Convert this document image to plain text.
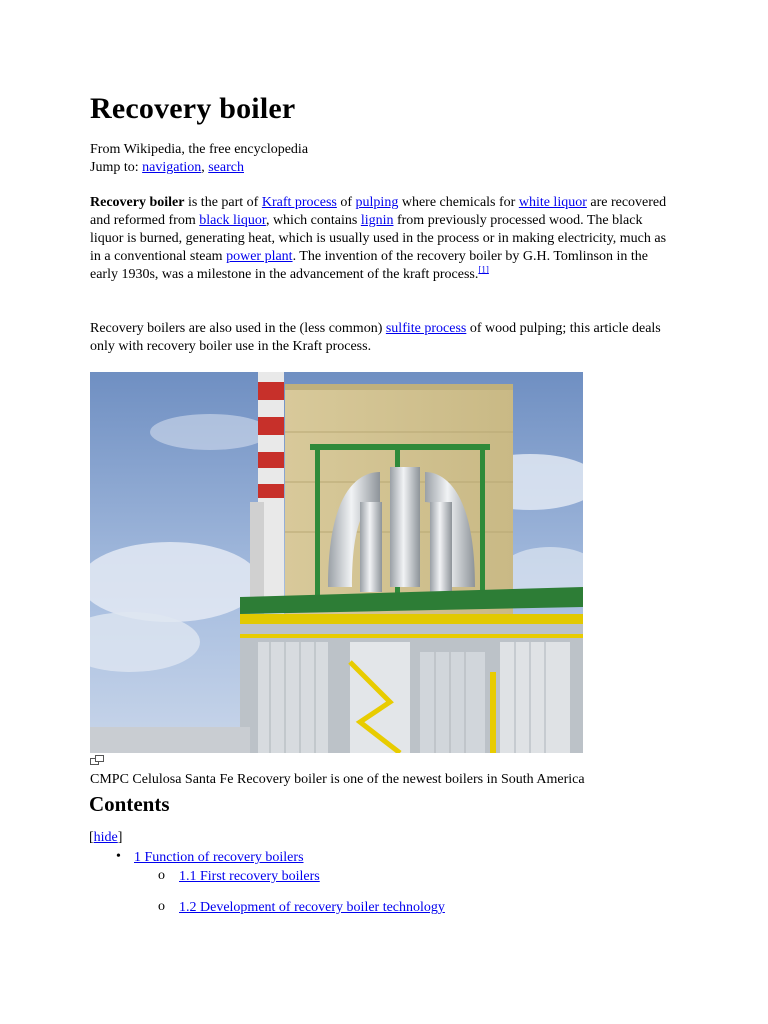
Recovery boiler
From Wikipedia, the free encyclopedia
Jump to: navigation, search
Recovery boiler is the part of Kraft process of pulping where chemicals for white liquor are recovered and reformed from black liquor, which contains lignin from previously processed wood. The black liquor is burned, generating heat, which is usually used in the process or in making electricity, much as in a conventional steam power plant. The invention of the recovery boiler by G.H. Tomlinson in the early 1930s, was a milestone in the advancement of the kraft process.[1]
Recovery boilers are also used in the (less common) sulfite process of wood pulping; this article deals only with recovery boiler use in the Kraft process.
CMPC Celulosa Santa Fe Recovery boiler is one of the newest boilers in South America
Contents
[hide]
• 1 Function of recovery boilers
o 1.1 First recovery boilers
o 1.2 Development of recovery boiler technology
